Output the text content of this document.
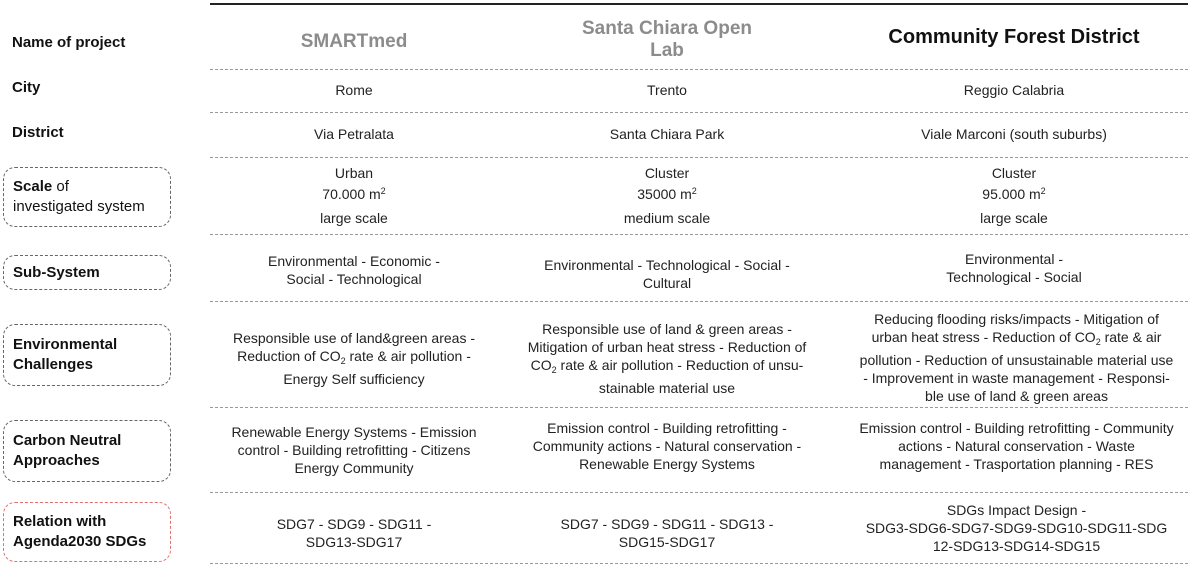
Name of project
City
District
Scale of
investigated system
Sub-System
Environmental
Challenges
Carbon Neutral
Approaches
Relation with
Agenda2030 SDGs
SMARTmed
Rome
Via Petralata
Urban
70.000 $m^2$
large scale
Environmental - Economic -
Social - Technological
Responsible use of land&green areas -
Reduction of $CO_2$ rate & air pollution -
Energy Self sufficiency
Renewable Energy Systems - Emission
control - Building retrofitting - Citizens
Energy Community
SDG7 - SDG9 - SDG11 -
SDG13-SDG17
Santa Chiara Open
Lab
Trento
Santa Chiara Park
Cluster
35000 $m^2$
medium scale
Environmental - Technological - Social -
Cultural
Responsible use of land & green areas -
Mitigation of urban heat stress - Reduction of
$CO_2$ rate & air pollution - Reduction of unsu-
stainable material use
Emission control - Building retrofitting -
Community actions - Natural conservation -
Renewable Energy Systems
SDG7 - SDG9 - SDG11 - SDG13 -
SDG15-SDG17
Community Forest District
Reggio Calabria
Viale Marconi (south suburbs)
Cluster
95.000 $m^2$
large scale
Environmental -
Technological - Social
Reducing flooding risks/impacts - Mitigation of
urban heat stress - Reduction of $CO_2$ rate & air
pollution - Reduction of unsustainable material use
- Improvement in waste management - Responsi-
ble use of land & green areas
Emission control - Building retrofitting - Community
actions - Natural conservation - Waste
management - Trasportation planning - RES
SDGs Impact Design -
SDG3-SDG6-SDG7-SDG9-SDG10-SDG11-SDG
12-SDG13-SDG14-SDG15
